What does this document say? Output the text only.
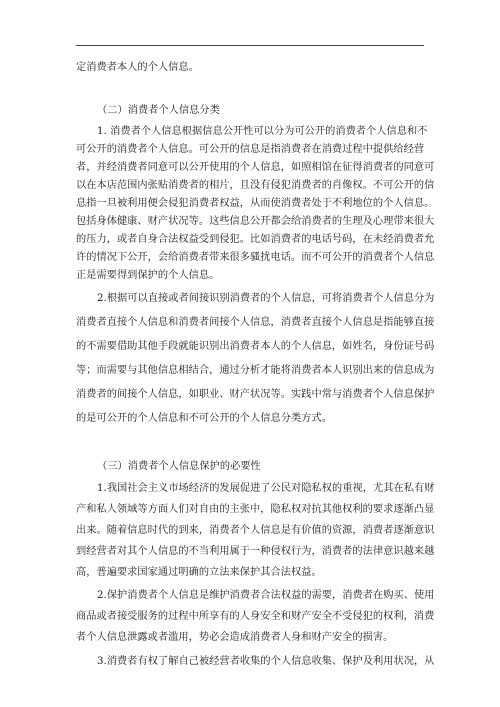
定消费者本人的个人信息。
（二）消费者个人信息分类
1. 消费者个人信息根据信息公开性可以分为可公开的消费者个人信息和不
可公开的消费者个人信息。可公开的信息是指消费者在消费过程中提供给经营
者，并经消费者同意可以公开使用的个人信息，如照相馆在征得消费者的同意可
以在本店范围内张贴消费者的相片，且没有侵犯消费者的肖像权。不可公开的信
息指一旦被利用便会侵犯消费者权益，从而使消费者处于不利地位的个人信息。
包括身体健康、财产状况等。这些信息公开都会给消费者的生理及心理带来很大
的压力，或者自身合法权益受到侵犯。比如消费者的电话号码，在未经消费者允
许的情况下公开，会给消费者带来很多骚扰电话。而不可公开的消费者个人信息
正是需要得到保护的个人信息。
2.根据可以直接或者间接识别消费者的个人信息，可将消费者个人信息分为
消费者直接个人信息和消费者间接个人信息，消费者直接个人信息是指能够直接
的不需要借助其他手段就能识别出消费者本人的个人信息，如姓名，身份证号码
等；而需要与其他信息相结合，通过分析才能将消费者本人识别出来的信息成为
消费者的间接个人信息，如职业、财产状况等。实践中常与消费者个人信息保护
的是可公开的个人信息和不可公开的个人信息分类方式。
（三）消费者个人信息保护的必要性
1.我国社会主义市场经济的发展促进了公民对隐私权的重视，尤其在私有财
产和私人领域等方面人们对自由的主张中，隐私权对抗其他权利的要求逐渐凸显
出来。随着信息时代的到来，消费者个人信息是有价值的资源，消费者逐渐意识
到经营者对其个人信息的不当利用属于一种侵权行为，消费者的法律意识越来越
高，普遍要求国家通过明确的立法来保护其合法权益。
2.保护消费者个人信息是维护消费者合法权益的需要，消费者在购买、使用
商品或者接受服务的过程中所享有的人身安全和财产安全不受侵犯的权利，消费
者个人信息泄露或者滥用，势必会造成消费者人身和财产安全的损害。
3.消费者有权了解自己被经营者收集的个人信息收集、保护及利用状况，从
